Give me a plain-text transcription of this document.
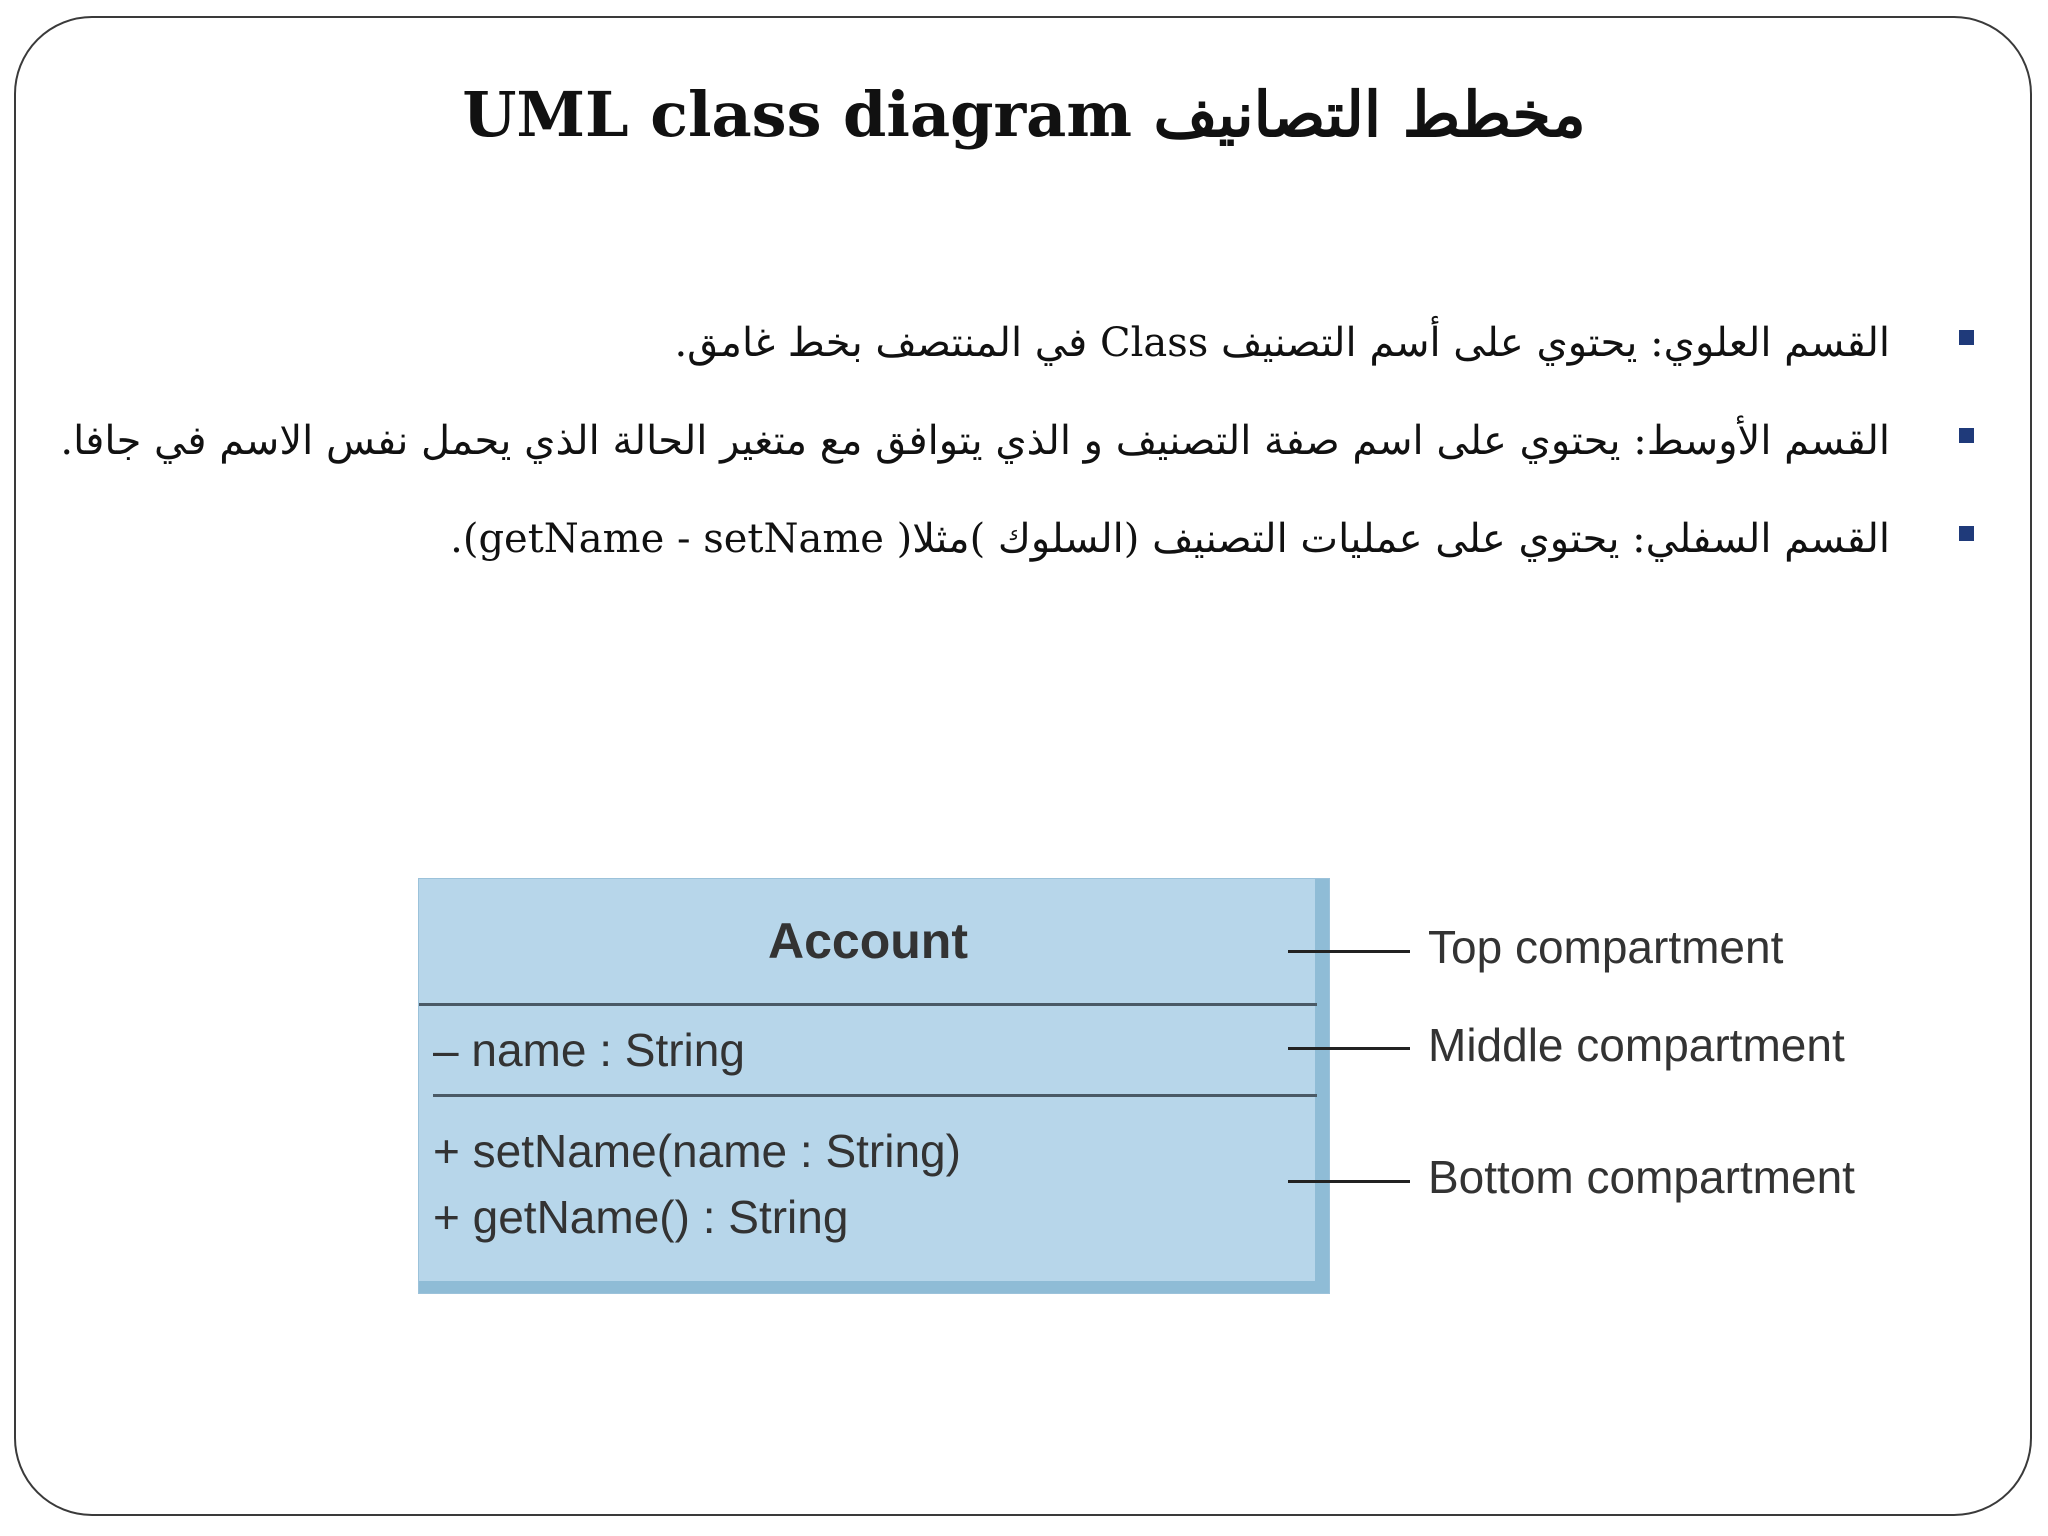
مخطط التصانيف UML class diagram
القسم العلوي: يحتوي على أسم التصنيف Class في المنتصف بخط غامق.
القسم الأوسط: يحتوي على اسم صفة التصنيف و الذي يتوافق مع متغير الحالة الذي يحمل نفس الاسم في جافا.
القسم السفلي: يحتوي على عمليات التصنيف (السلوك )مثلا( getName - setName).
Account
– name : String
+ setName(name : String)
+ getName() : String
Top compartment
Middle compartment
Bottom compartment
